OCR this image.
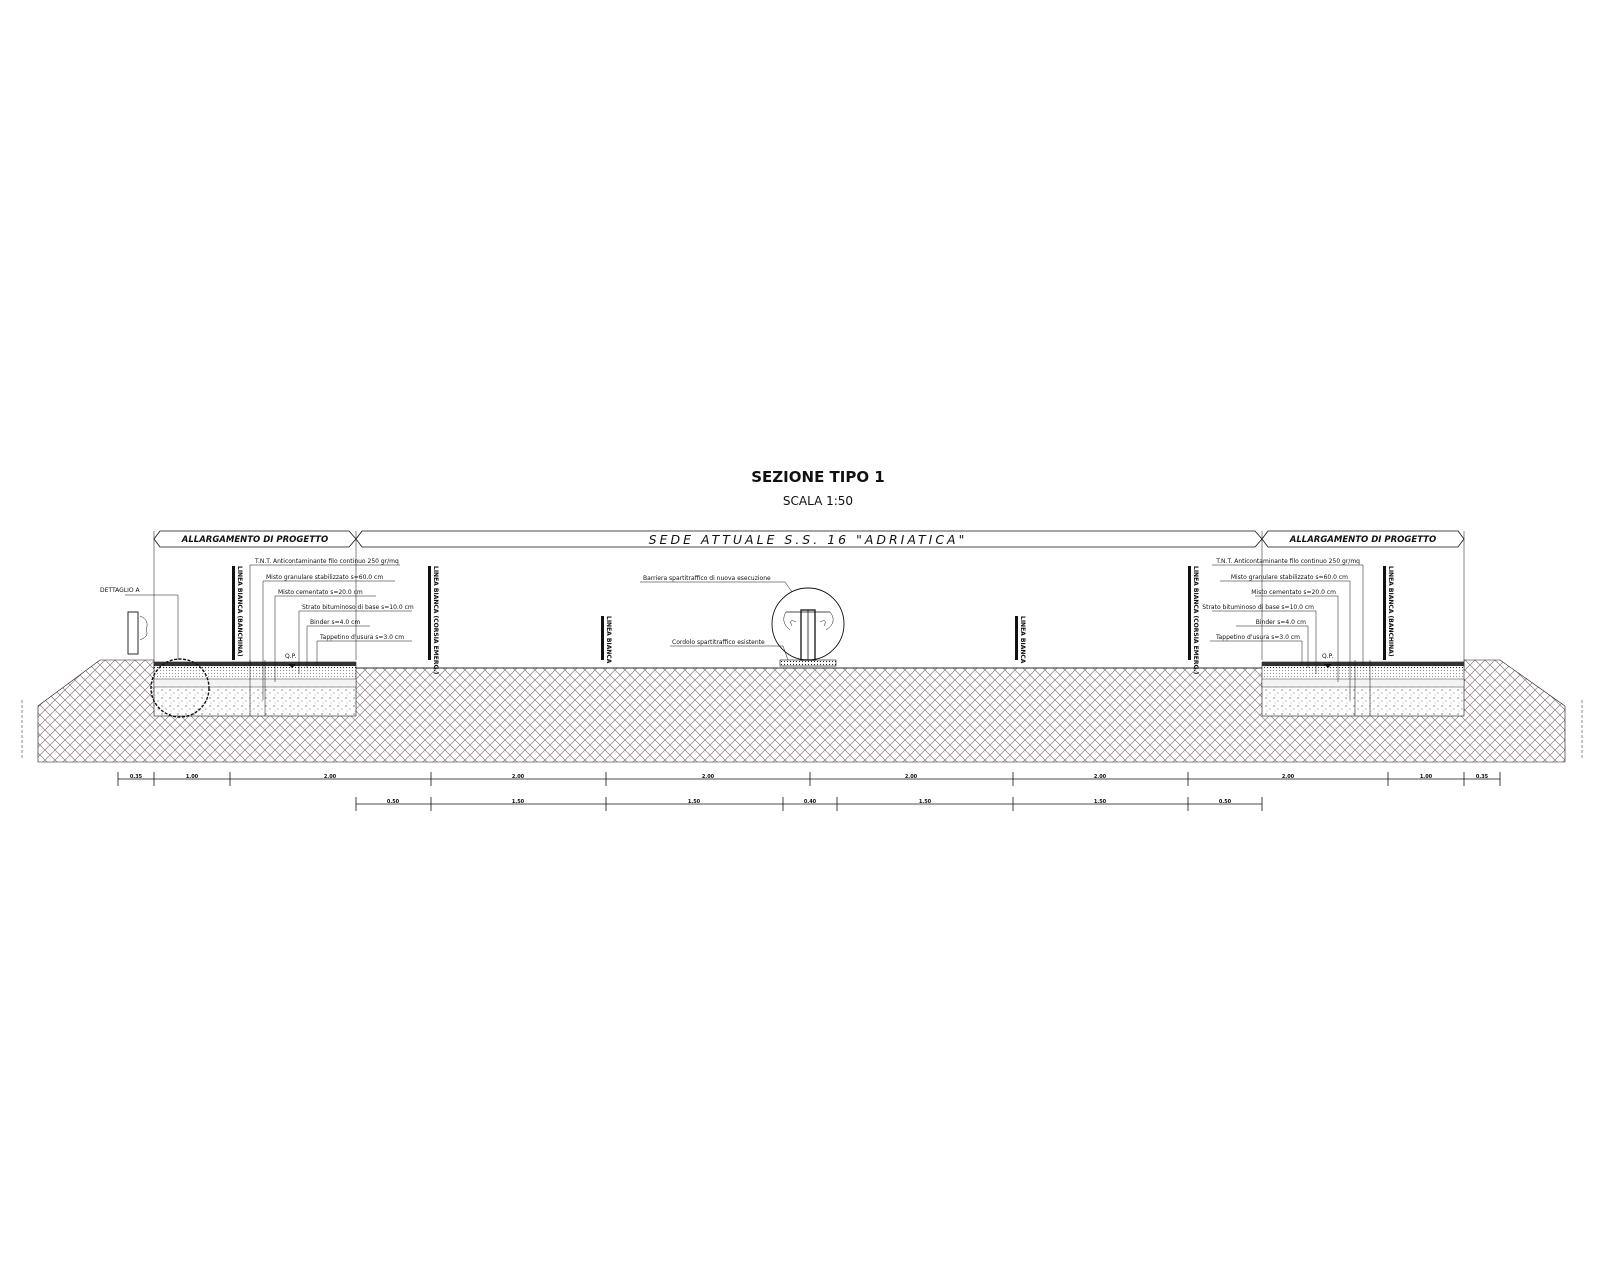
SEZIONE TIPO 1
SCALA 1:50
ALLARGAMENTO DI PROGETTO	SEDE ATTUALE S.S. 16 "ADRIATICA"	ALLARGAMENTO DI PROGETTO
DETTAGLIO A
T.N.T. Anticontaminante filo continuo 250 gr/mq
Misto granulare stabilizzato s=60.0 cm
Misto cementato s=20.0 cm
Strato bituminoso di base s=10.0 cm
Binder s=4.0 cm
Tappetino d'usura s=3.0 cm
T.N.T. Anticontaminante filo continuo 250 gr/mq
Misto granulare stabilizzato s=60.0 cm
Misto cementato s=20.0 cm
Strato bituminoso di base s=10.0 cm
Binder s=4.0 cm
Tappetino d'usura s=3.0 cm
Q.P.	Q.P.
LINEA BIANCA (BANCHINA)	LINEA BIANCA (CORSIA EMERG.)	LINEA BIANCA	LINEA BIANCA	LINEA BIANCA (CORSIA EMERG.)	LINEA BIANCA (BANCHINA)
Barriera spartitraffico di nuova esecuzione
Cordolo spartitraffico esistente
0.35	1.00	2.00	2.00	2.00	2.00	2.00	2.00	1.00	0.35
0.50	1.50	1.50	0.40	1.50	1.50	0.50
